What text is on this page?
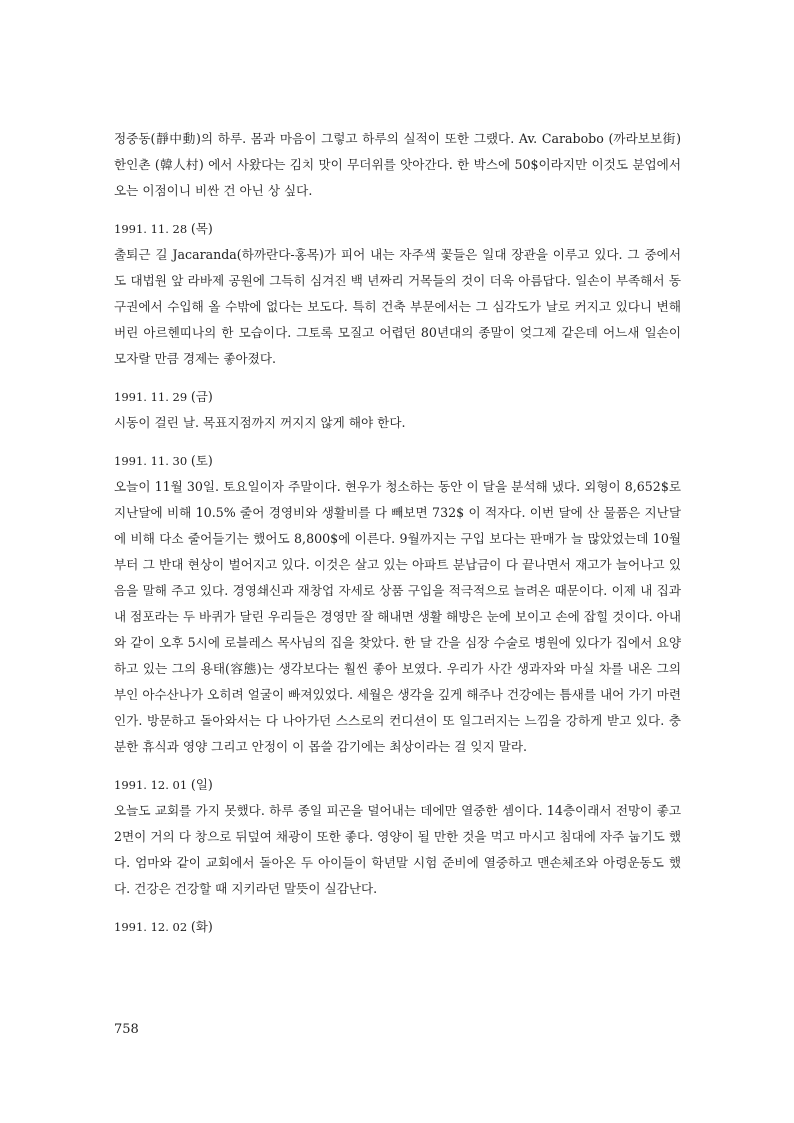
정중동(靜中動)의 하루. 몸과 마음이 그렇고 하루의 실적이 또한 그랬다. Av. Carabobo (까라보보街) 한인촌 (韓人村) 에서 사왔다는 김치 맛이 무더위를 앗아간다. 한 박스에 50$이라지만 이것도 분업에서 오는 이점이니 비싼 건 아닌 상 싶다.

1991. 11. 28 (목)

출퇴근 길 Jacaranda(하까란다-홍목)가 피어 내는 자주색 꽃들은 일대 장관을 이루고 있다. 그 중에서도 대법원 앞 라바제 공원에 그득히 심겨진 백 년짜리 거목들의 것이 더욱 아름답다. 일손이 부족해서 동구권에서 수입해 올 수밖에 없다는 보도다. 특히 건축 부문에서는 그 심각도가 날로 커지고 있다니 변해버린 아르헨띠나의 한 모습이다. 그토록 모질고 어렵던 80년대의 종말이 엊그제 같은데 어느새 일손이 모자랄 만큼 경제는 좋아졌다.

1991. 11. 29 (금)

시동이 걸린 날. 목표지점까지 꺼지지 않게 해야 한다.

1991. 11. 30 (토)

오늘이 11월 30일. 토요일이자 주말이다. 현우가 청소하는 동안 이 달을 분석해 냈다. 외형이 8,652$로 지난달에 비해 10.5% 줄어 경영비와 생활비를 다 빼보면 732$ 이 적자다. 이번 달에 산 물품은 지난달에 비해 다소 줄어들기는 했어도 8,800$에 이른다. 9월까지는 구입 보다는 판매가 늘 많았었는데 10월부터 그 반대 현상이 벌어지고 있다. 이것은 살고 있는 아파트 분납금이 다 끝나면서 재고가 늘어나고 있음을 말해 주고 있다. 경영쇄신과 재창업 자세로 상품 구입을 적극적으로 늘려온 때문이다. 이제 내 집과 내 점포라는 두 바퀴가 달린 우리들은 경영만 잘 해내면 생활 해방은 눈에 보이고 손에 잡힐 것이다. 아내와 같이 오후 5시에 로블레스 목사님의 집을 찾았다. 한 달 간을 심장 수술로 병원에 있다가 집에서 요양하고 있는 그의 용태(容態)는 생각보다는 훨씬 좋아 보였다. 우리가 사간 생과자와 마실 차를 내온 그의 부인 아수산나가 오히려 얼굴이 빠져있었다. 세월은 생각을 깊게 해주나 건강에는 틈새를 내어 가기 마련인가. 방문하고 돌아와서는 다 나아가던 스스로의 컨디션이 또 일그러지는 느낌을 강하게 받고 있다. 충분한 휴식과 영양 그리고 안정이 이 몹쓸 감기에는 최상이라는 걸 잊지 말라.

1991. 12. 01 (일)

오늘도 교회를 가지 못했다. 하루 종일 피곤을 덜어내는 데에만 열중한 셈이다. 14층이래서 전망이 좋고 2면이 거의 다 창으로 뒤덮여 채광이 또한 좋다. 영양이 될 만한 것을 먹고 마시고 침대에 자주 눕기도 했다. 엄마와 같이 교회에서 돌아온 두 아이들이 학년말 시험 준비에 열중하고 맨손체조와 아령운동도 했다. 건강은 건강할 때 지키라던 말뜻이 실감난다.

1991. 12. 02 (화)

758
